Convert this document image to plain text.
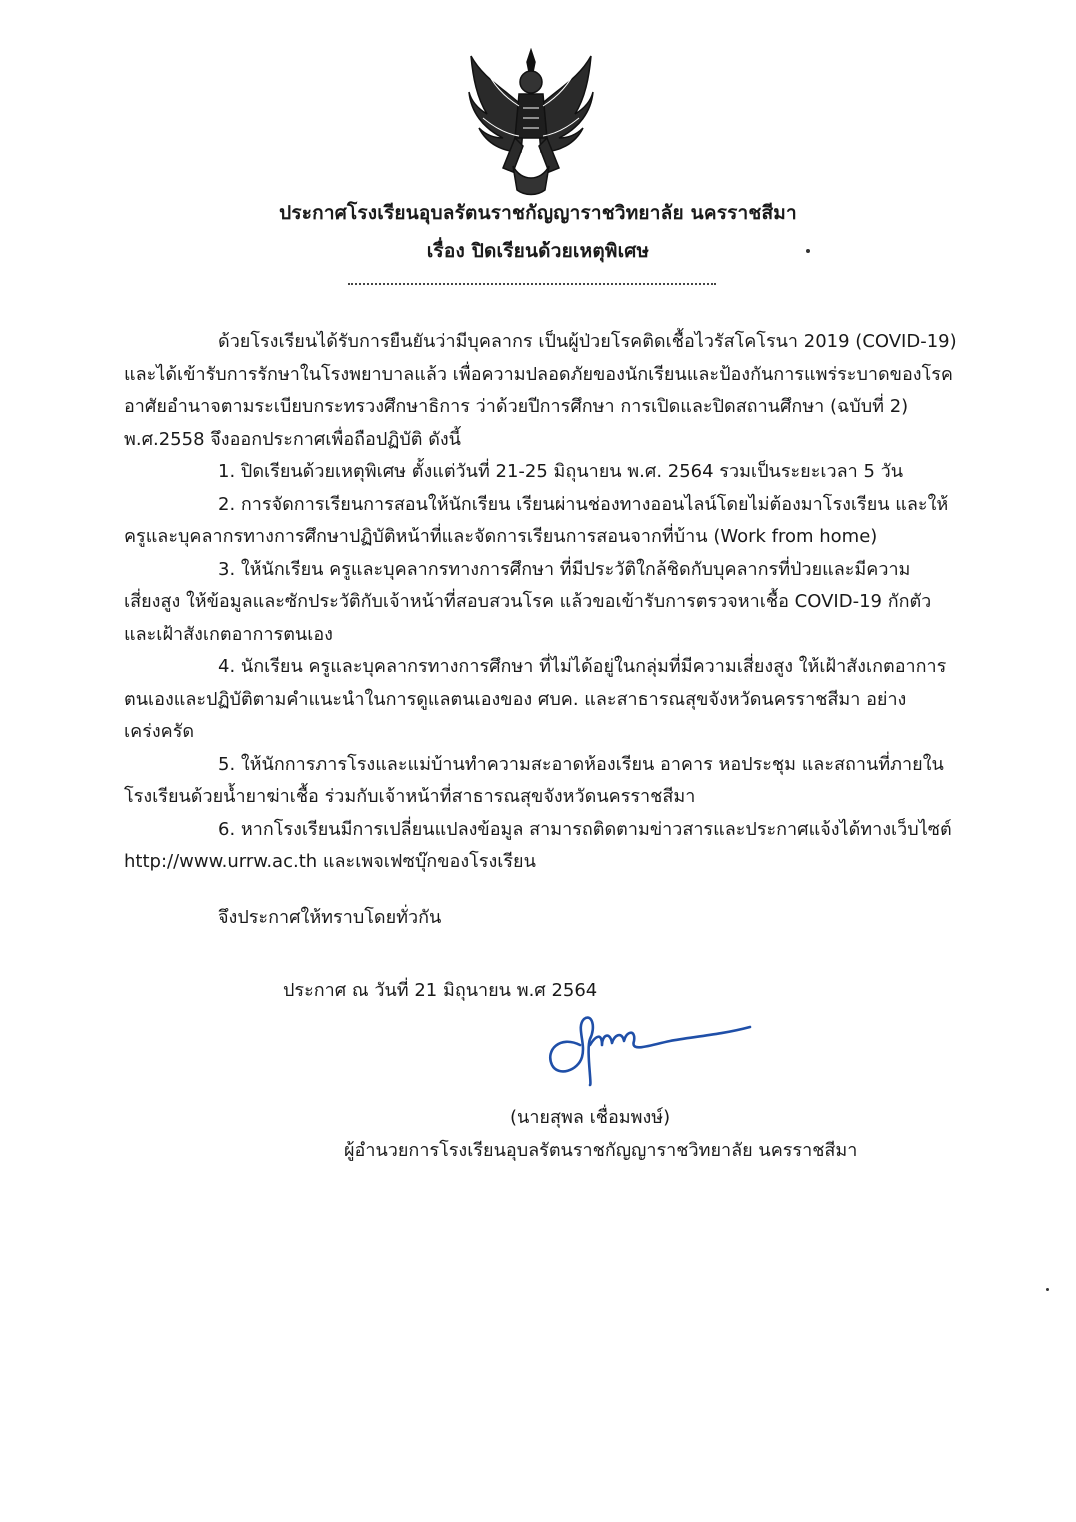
ประกาศโรงเรียนอุบลรัตนราชกัญญาราชวิทยาลัย นครราชสีมา
เรื่อง ปิดเรียนด้วยเหตุพิเศษ
ด้วยโรงเรียนได้รับการยืนยันว่ามีบุคลากร เป็นผู้ป่วยโรคติดเชื้อไวรัสโคโรนา 2019 (COVID-19)
และได้เข้ารับการรักษาในโรงพยาบาลแล้ว เพื่อความปลอดภัยของนักเรียนและป้องกันการแพร่ระบาดของโรค
อาศัยอำนาจตามระเบียบกระทรวงศึกษาธิการ ว่าด้วยปีการศึกษา การเปิดและปิดสถานศึกษา (ฉบับที่ 2)
พ.ศ.2558 จึงออกประกาศเพื่อถือปฏิบัติ ดังนี้
1. ปิดเรียนด้วยเหตุพิเศษ ตั้งแต่วันที่ 21-25 มิถุนายน พ.ศ. 2564 รวมเป็นระยะเวลา 5 วัน
2. การจัดการเรียนการสอนให้นักเรียน เรียนผ่านช่องทางออนไลน์โดยไม่ต้องมาโรงเรียน และให้
ครูและบุคลากรทางการศึกษาปฏิบัติหน้าที่และจัดการเรียนการสอนจากที่บ้าน (Work from home)
3. ให้นักเรียน ครูและบุคลากรทางการศึกษา ที่มีประวัติใกล้ชิดกับบุคลากรที่ป่วยและมีความ
เสี่ยงสูง ให้ข้อมูลและซักประวัติกับเจ้าหน้าที่สอบสวนโรค แล้วขอเข้ารับการตรวจหาเชื้อ COVID-19 กักตัว
และเฝ้าสังเกตอาการตนเอง
4. นักเรียน ครูและบุคลากรทางการศึกษา ที่ไม่ได้อยู่ในกลุ่มที่มีความเสี่ยงสูง ให้เฝ้าสังเกตอาการ
ตนเองและปฏิบัติตามคำแนะนำในการดูแลตนเองของ ศบค. และสาธารณสุขจังหวัดนครราชสีมา อย่าง
เคร่งครัด
5. ให้นักการภารโรงและแม่บ้านทำความสะอาดห้องเรียน อาคาร หอประชุม และสถานที่ภายใน
โรงเรียนด้วยน้ำยาฆ่าเชื้อ ร่วมกับเจ้าหน้าที่สาธารณสุขจังหวัดนครราชสีมา
6. หากโรงเรียนมีการเปลี่ยนแปลงข้อมูล สามารถติดตามข่าวสารและประกาศแจ้งได้ทางเว็บไซต์
http://www.urrw.ac.th และเพจเฟซบุ๊กของโรงเรียน
จึงประกาศให้ทราบโดยทั่วกัน
ประกาศ ณ วันที่ 21 มิถุนายน พ.ศ 2564
(นายสุพล เชื่อมพงษ์)
ผู้อำนวยการโรงเรียนอุบลรัตนราชกัญญาราชวิทยาลัย นครราชสีมา
